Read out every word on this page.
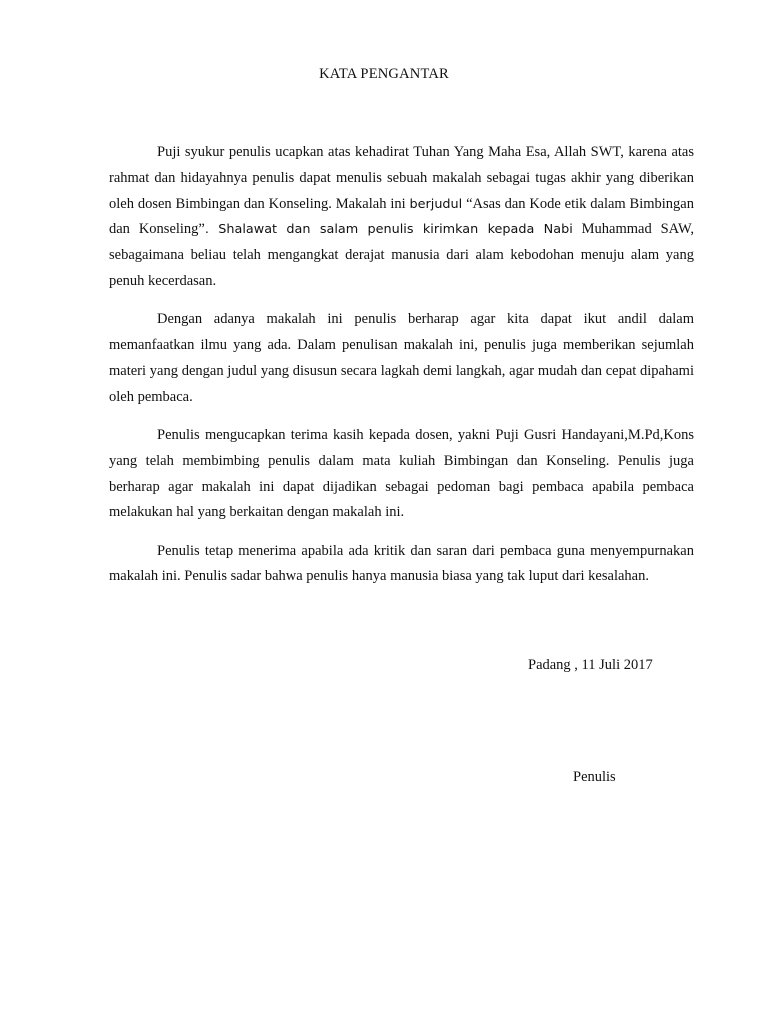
KATA PENGANTAR

Puji syukur penulis ucapkan atas kehadirat Tuhan Yang Maha Esa, Allah SWT, karena atas rahmat dan hidayahnya penulis dapat menulis sebuah makalah sebagai tugas akhir yang diberikan oleh dosen Bimbingan dan Konseling. Makalah ini berjudul “Asas dan Kode etik dalam Bimbingan dan Konseling”. Shalawat dan salam penulis kirimkan kepada Nabi Muhammad SAW, sebagaimana beliau telah mengangkat derajat manusia dari alam kebodohan menuju alam yang penuh kecerdasan.

Dengan adanya makalah ini penulis berharap agar kita dapat ikut andil dalam memanfaatkan ilmu yang ada. Dalam penulisan makalah ini, penulis juga memberikan sejumlah materi yang dengan judul yang disusun secara lagkah demi langkah, agar mudah dan cepat dipahami oleh pembaca.

Penulis mengucapkan terima kasih kepada dosen, yakni Puji Gusri Handayani,M.Pd,Kons yang telah membimbing penulis dalam mata kuliah Bimbingan dan Konseling. Penulis juga berharap agar makalah ini dapat dijadikan sebagai pedoman bagi pembaca apabila pembaca melakukan hal yang berkaitan dengan makalah ini.

Penulis tetap menerima apabila ada kritik dan saran dari pembaca guna menyempurnakan makalah ini. Penulis sadar bahwa penulis hanya manusia biasa yang tak luput dari kesalahan.

Padang , 11 Juli 2017
Penulis
